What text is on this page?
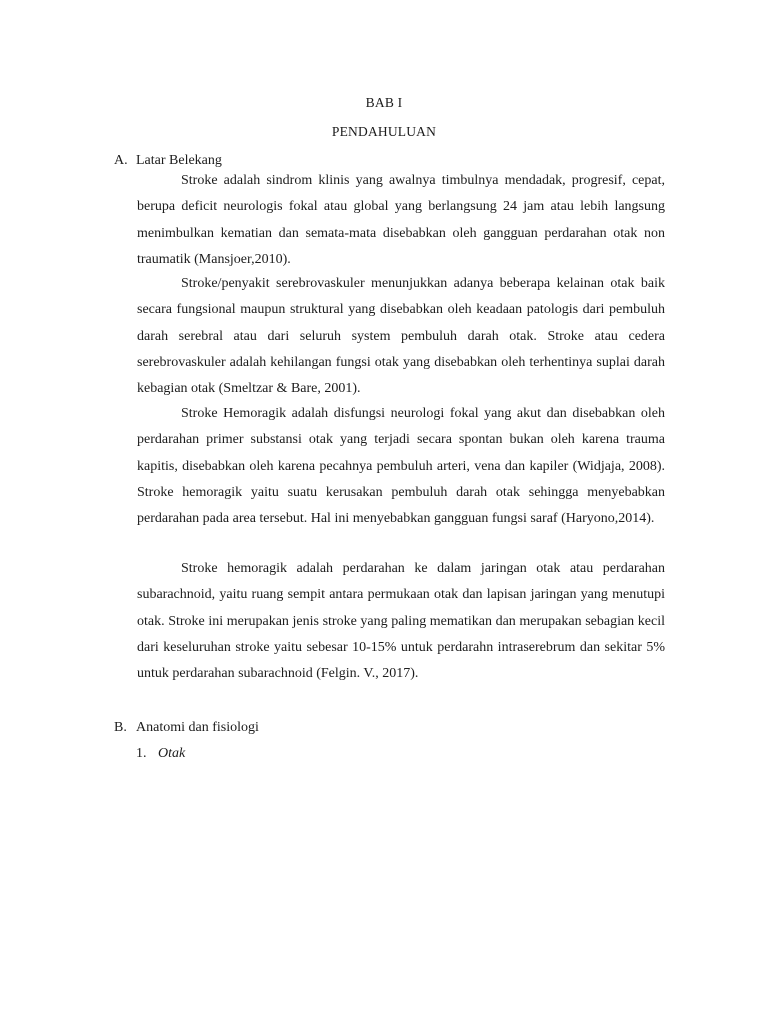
BAB I
PENDAHULUAN
A. Latar Belekang

Stroke adalah sindrom klinis yang awalnya timbulnya mendadak, progresif, cepat, berupa deficit neurologis fokal atau global yang berlangsung 24 jam atau lebih langsung menimbulkan kematian dan semata-mata disebabkan oleh gangguan perdarahan otak non traumatik (Mansjoer,2010).

Stroke/penyakit serebrovaskuler menunjukkan adanya beberapa kelainan otak baik secara fungsional maupun struktural yang disebabkan oleh keadaan patologis dari pembuluh darah serebral atau dari seluruh system pembuluh darah otak. Stroke atau cedera serebrovaskuler adalah kehilangan fungsi otak yang disebabkan oleh terhentinya suplai darah kebagian otak (Smeltzar & Bare, 2001).

Stroke Hemoragik adalah disfungsi neurologi fokal yang akut dan disebabkan oleh perdarahan primer substansi otak yang terjadi secara spontan bukan oleh karena trauma kapitis, disebabkan oleh karena pecahnya pembuluh arteri, vena dan kapiler (Widjaja, 2008). Stroke hemoragik yaitu suatu kerusakan pembuluh darah otak sehingga menyebabkan perdarahan pada area tersebut. Hal ini menyebabkan gangguan fungsi saraf (Haryono,2014).

Stroke hemoragik adalah perdarahan ke dalam jaringan otak atau perdarahan subarachnoid, yaitu ruang sempit antara permukaan otak dan lapisan jaringan yang menutupi otak. Stroke ini merupakan jenis stroke yang paling mematikan dan merupakan sebagian kecil dari keseluruhan stroke yaitu sebesar 10-15% untuk perdarahn intraserebrum dan sekitar 5% untuk perdarahan subarachnoid (Felgin. V., 2017).

B. Anatomi dan fisiologi
1. Otak
